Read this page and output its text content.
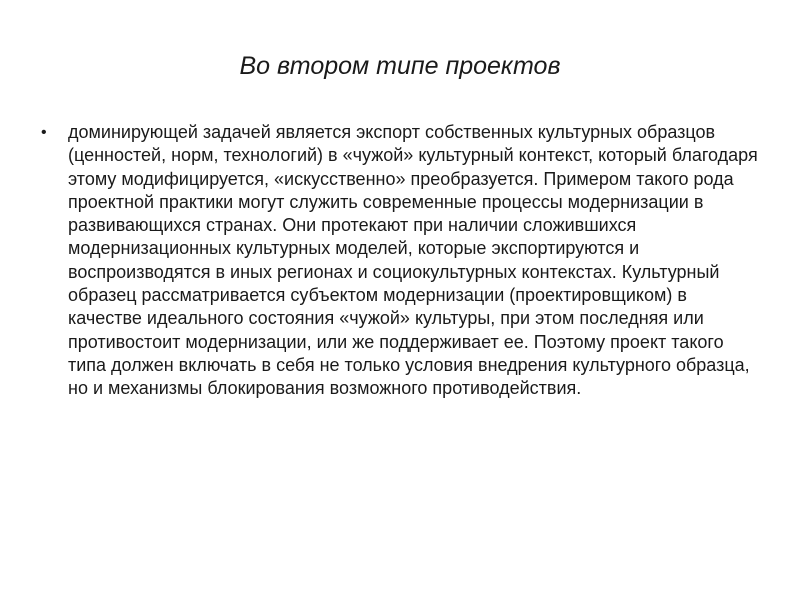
Во втором типе проектов
• доминирующей задачей является экспорт собственных культурных образцов (ценностей, норм, технологий) в «чужой» культурный контекст, который благодаря этому модифицируется, «искусственно» преобразуется. Примером такого рода проектной практики могут служить современные процессы модернизации в развивающихся странах. Они протекают при наличии сложившихся модернизационных культурных моделей, которые экспортируются и воспроизводятся в иных регионах и социокультурных контекстах. Культурный образец рассматривается субъектом модернизации (проектировщиком) в качестве идеального состояния «чужой» культуры, при этом последняя или противостоит модернизации, или же поддерживает ее. Поэтому проект такого типа должен включать в себя не только условия внедрения культурного образца, но и механизмы блокирования возможного противодействия.
